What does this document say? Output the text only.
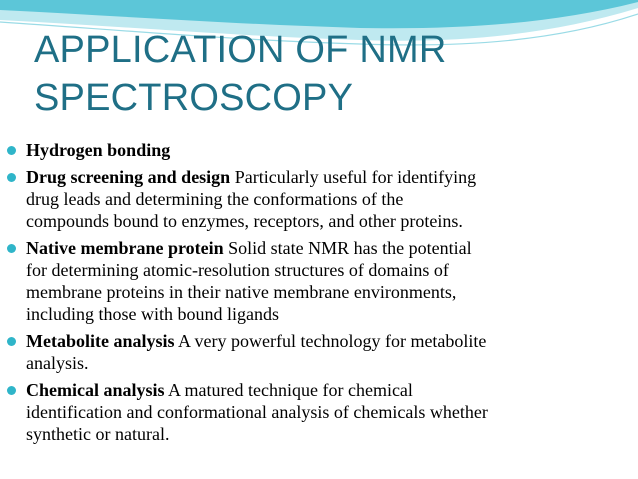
APPLICATION OF NMR
SPECTROSCOPY
Hydrogen bonding
Drug screening and design Particularly useful for identifying
drug leads and determining the conformations of the
compounds bound to enzymes, receptors, and other proteins.
Native membrane protein Solid state NMR has the potential
for determining atomic-resolution structures of domains of
membrane proteins in their native membrane environments,
including those with bound ligands
Metabolite analysis A very powerful technology for metabolite
analysis.
Chemical analysis A matured technique for chemical
identification and conformational analysis of chemicals whether
synthetic or natural.
